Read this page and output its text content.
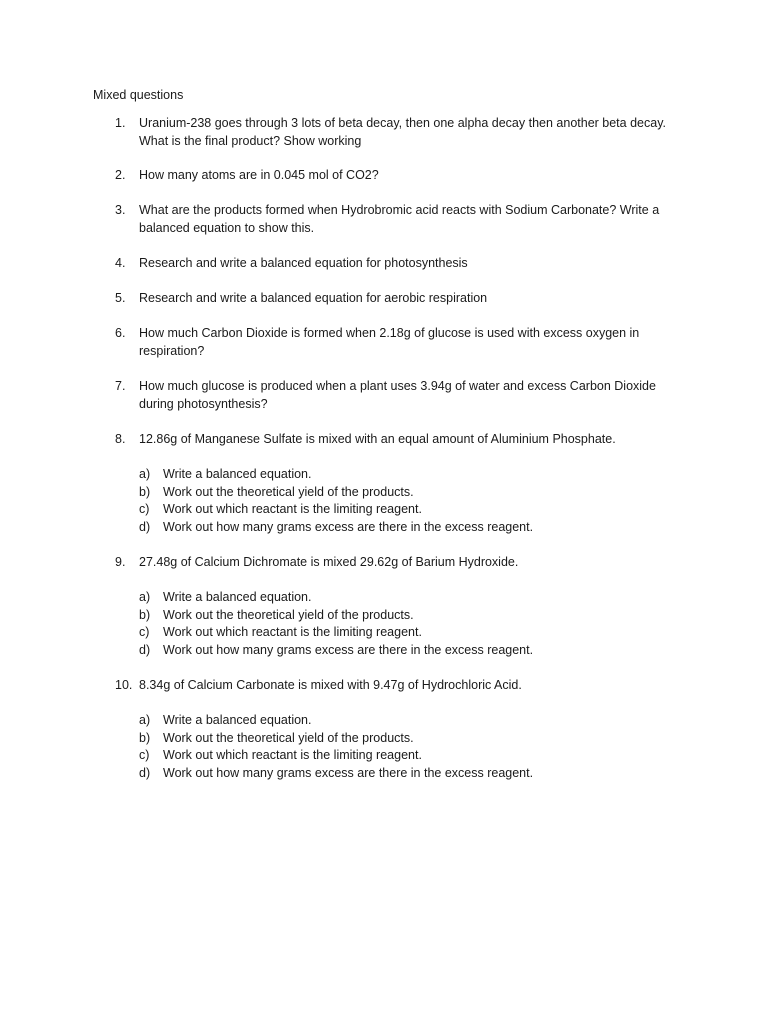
Mixed questions
1.	Uranium-238 goes through 3 lots of beta decay, then one alpha decay then another beta decay. What is the final product? Show working
2.	How many atoms are in 0.045 mol of CO2?
3.	What are the products formed when Hydrobromic acid reacts with Sodium Carbonate? Write a balanced equation to show this.
4.	Research and write a balanced equation for photosynthesis
5.	Research and write a balanced equation for aerobic respiration
6.	How much Carbon Dioxide is formed when 2.18g of glucose is used with excess oxygen in respiration?
7.	How much glucose is produced when a plant uses 3.94g of water and excess Carbon Dioxide during photosynthesis?
8.	12.86g of Manganese Sulfate is mixed with an equal amount of Aluminium Phosphate.
a) Write a balanced equation.
b) Work out the theoretical yield of the products.
c) Work out which reactant is the limiting reagent.
d) Work out how many grams excess are there in the excess reagent.
9.	27.48g of Calcium Dichromate is mixed 29.62g of Barium Hydroxide.
a) Write a balanced equation.
b) Work out the theoretical yield of the products.
c) Work out which reactant is the limiting reagent.
d) Work out how many grams excess are there in the excess reagent.
10. 8.34g of Calcium Carbonate is mixed with 9.47g of Hydrochloric Acid.
a) Write a balanced equation.
b) Work out the theoretical yield of the products.
c) Work out which reactant is the limiting reagent.
d) Work out how many grams excess are there in the excess reagent.
